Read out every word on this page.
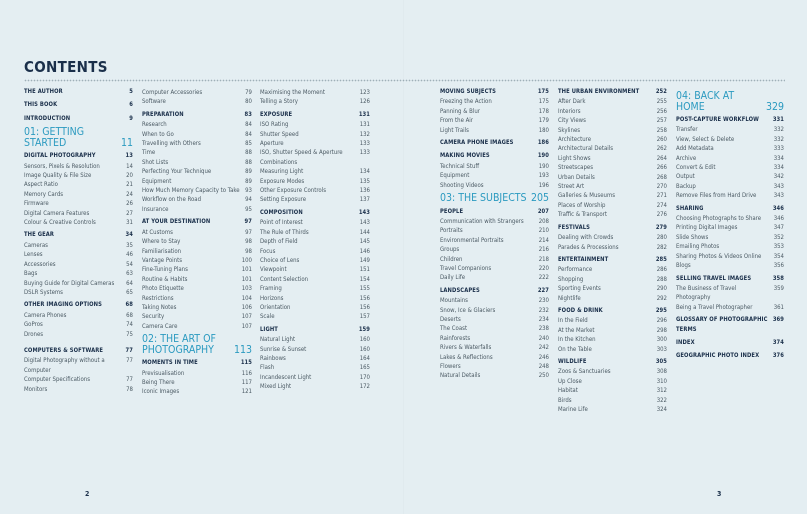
CONTENTS
THE AUTHOR	5
THIS BOOK	6
INTRODUCTION	9
01: GETTING STARTED	11
DIGITAL PHOTOGRAPHY	13
Sensors, Pixels & Resolution	14
Image Quality & File Size	20
Aspect Ratio	21
Memory Cards	24
Firmware	26
Digital Camera Features	27
Colour & Creative Controls	31
THE GEAR	34
Cameras	35
Lenses	46
Accessories	54
Bags	63
Buying Guide for Digital Cameras	64
DSLR Systems	65
OTHER IMAGING OPTIONS	68
Camera Phones	68
GoPros	74
Drones	75
COMPUTERS & SOFTWARE	77
Digital Photography without a Computer
77
Computer Specifications	77
Monitors	78
Computer Accessories	79
Software	80
PREPARATION	83
Research	84
When to Go	84
Travelling with Others	85
Time	88
Shot Lists	88
Perfecting Your Technique	89
Equipment	89
How Much Memory Capacity to Take 93
Workflow on the Road	94
Insurance	95
AT YOUR DESTINATION	97
At Customs	97
Where to Stay	98
Familiarisation	98
Vantage Points	100
Fine-Tuning Plans	101
Routine & Habits	101
Photo Etiquette	103
Restrictions	104
Taking Notes	106
Security	107
Camera Care	107
02: THE ART OF PHOTOGRAPHY	113
MOMENTS IN TIME	115
Previsualisation	116
Being There	117
Iconic Images	121
Maximising the Moment	123
Telling a Story	126
EXPOSURE	131
ISO Rating	131
Shutter Speed	132
Aperture	133
ISO, Shutter Speed & Aperture Combinations
133
Measuring Light	134
Exposure Modes	135
Other Exposure Controls	136
Setting Exposure	137
COMPOSITION	143
Point of Interest	143
The Rule of Thirds	144
Depth of Field	145
Focus	146
Choice of Lens	149
Viewpoint	151
Content Selection	154
Framing	155
Horizons	156
Orientation	156
Scale	157
LIGHT	159
Natural Light	160
Sunrise & Sunset	160
Rainbows	164
Flash	165
Incandescent Light	170
Mixed Light	172
MOVING SUBJECTS	175
Freezing the Action	175
Panning & Blur	178
From the Air	179
Light Trails	180
CAMERA PHONE IMAGES	186
MAKING MOVIES	190
Technical Stuff	190
Equipment	193
Shooting Videos	196
03: THE SUBJECTS 205
PEOPLE	207
Communication with Strangers	208
Portraits	210
Environmental Portraits	214
Groups	216
Children	218
Travel Companions	220
Daily Life	222
LANDSCAPES	227
Mountains	230
Snow, Ice & Glaciers	232
Deserts	234
The Coast	238
Rainforests	240
Rivers & Waterfalls	242
Lakes & Reflections	246
Flowers	248
Natural Details	250
THE URBAN ENVIRONMENT	252
After Dark	255
Interiors	256
City Views	257
Skylines	258
Architecture	260
Architectural Details	262
Light Shows	264
Streetscapes	266
Urban Details	268
Street Art	270
Galleries & Museums	271
Places of Worship	274
Traffic & Transport	276
FESTIVALS	279
Dealing with Crowds	280
Parades & Processions	282
ENTERTAINMENT	285
Performance	286
Shopping	288
Sporting Events	290
Nightlife	292
FOOD & DRINK	295
In the Field	296
At the Market	298
In the Kitchen	300
On the Table	303
WILDLIFE	305
Zoos & Sanctuaries	308
Up Close	310
Habitat	312
Birds	322
Marine Life	324
04: BACK AT HOME	329
POST-CAPTURE WORKFLOW	331
Transfer	332
View, Select & Delete	332
Add Metadata	333
Archive	334
Convert & Edit	334
Output	342
Backup	343
Remove Files from Hard Drive	343
SHARING	346
Choosing Photographs to Share	346
Printing Digital Images	347
Slide Shows	352
Emailing Photos	353
Sharing Photos & Videos Online	354
Blogs	356
SELLING TRAVEL IMAGES	358
The Business of Travel Photography
359
Being a Travel Photographer	361
GLOSSARY OF PHOTOGRAPHIC TERMS
369
INDEX	374
GEOGRAPHIC PHOTO INDEX	376
2	3
